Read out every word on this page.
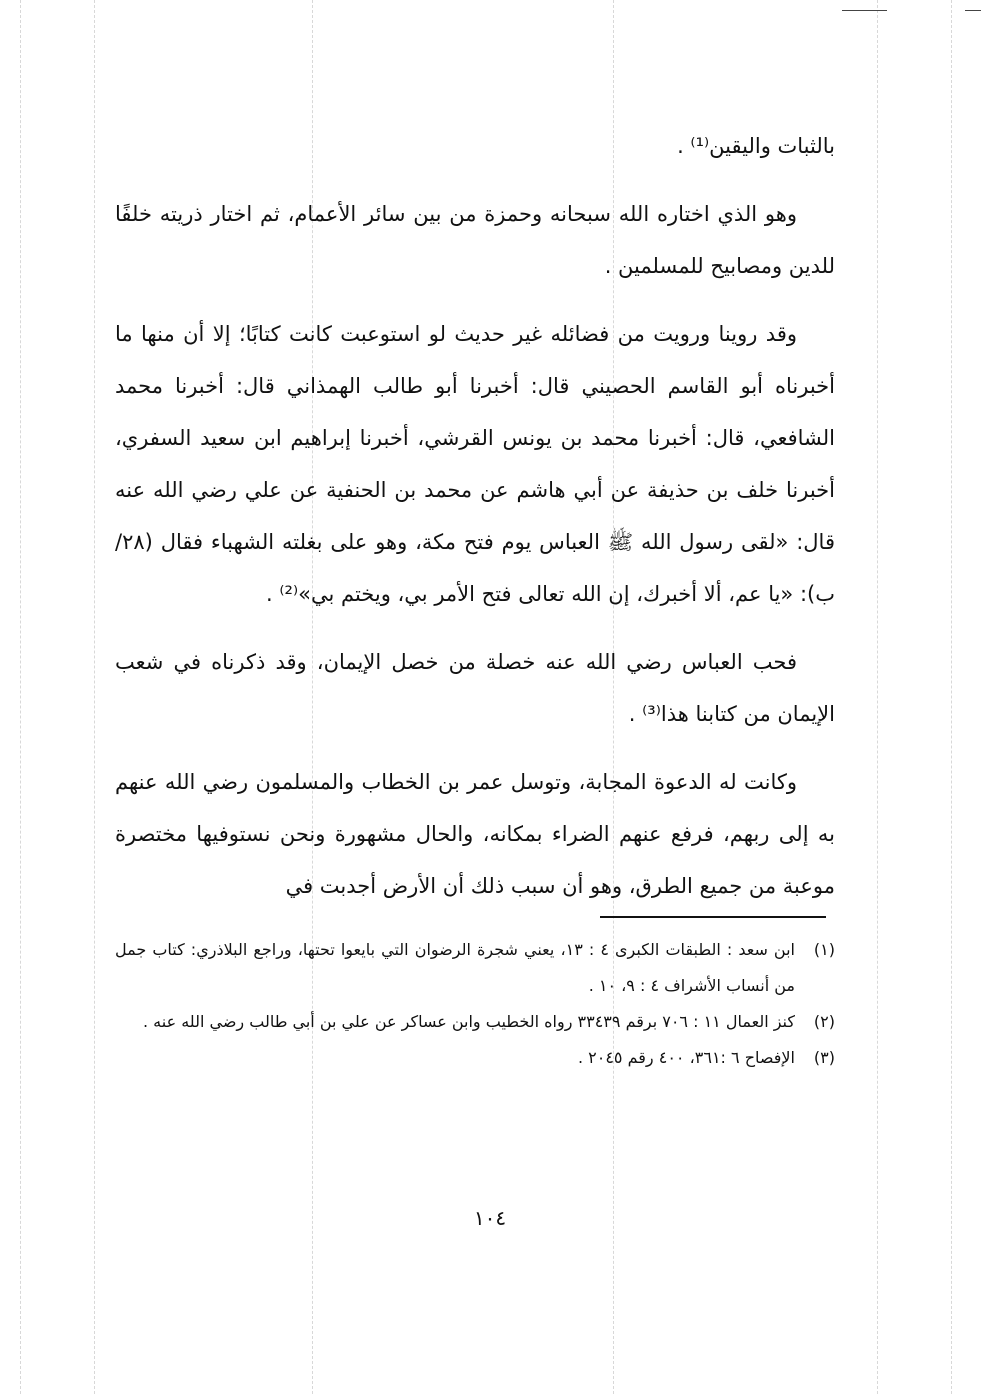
بالثبات واليقين⁽¹⁾ .

وهو الذي اختاره الله سبحانه وحمزة من بين سائر الأعمام، ثم اختار ذريته خلفًا للدين ومصابيح للمسلمين .

وقد روينا ورويت من فضائله غير حديث لو استوعبت كانت كتابًا؛ إلا أن منها ما أخبرناه أبو القاسم الحصيني قال: أخبرنا أبو طالب الهمذاني قال: أخبرنا محمد الشافعي، قال: أخبرنا محمد بن يونس القرشي، أخبرنا إبراهيم ابن سعيد السفري، أخبرنا خلف بن حذيفة عن أبي هاشم عن محمد بن الحنفية عن علي رضي الله عنه قال: «لقى رسول الله ﷺ العباس يوم فتح مكة، وهو على بغلته الشهباء فقال (٢٨/ب): «يا عم، ألا أخبرك، إن الله تعالى فتح الأمر بي، ويختم بي»⁽²⁾ .

فحب العباس رضي الله عنه خصلة من خصل الإيمان، وقد ذكرناه في شعب الإيمان من كتابنا هذا⁽³⁾ .

وكانت له الدعوة المجابة، وتوسل عمر بن الخطاب والمسلمون رضي الله عنهم به إلى ربهم، فرفع عنهم الضراء بمكانه، والحال مشهورة ونحن نستوفيها مختصرة موعبة من جميع الطرق، وهو أن سبب ذلك أن الأرض أجدبت في

(١)ابن سعد : الطبقات الكبرى ٤ : ١٣، يعني شجرة الرضوان التي بايعوا تحتها، وراجع البلاذري: كتاب جمل من أنساب الأشراف ٤ : ٩، ١٠ .

(٢)كنز العمال ١١ : ٧٠٦ برقم ٣٣٤٣٩ رواه الخطيب وابن عساكر عن علي بن أبي طالب رضي الله عنه .

(٣)الإفصاح ٦ :٣٦١، ٤٠٠ رقم ٢٠٤٥ .

١٠٤
